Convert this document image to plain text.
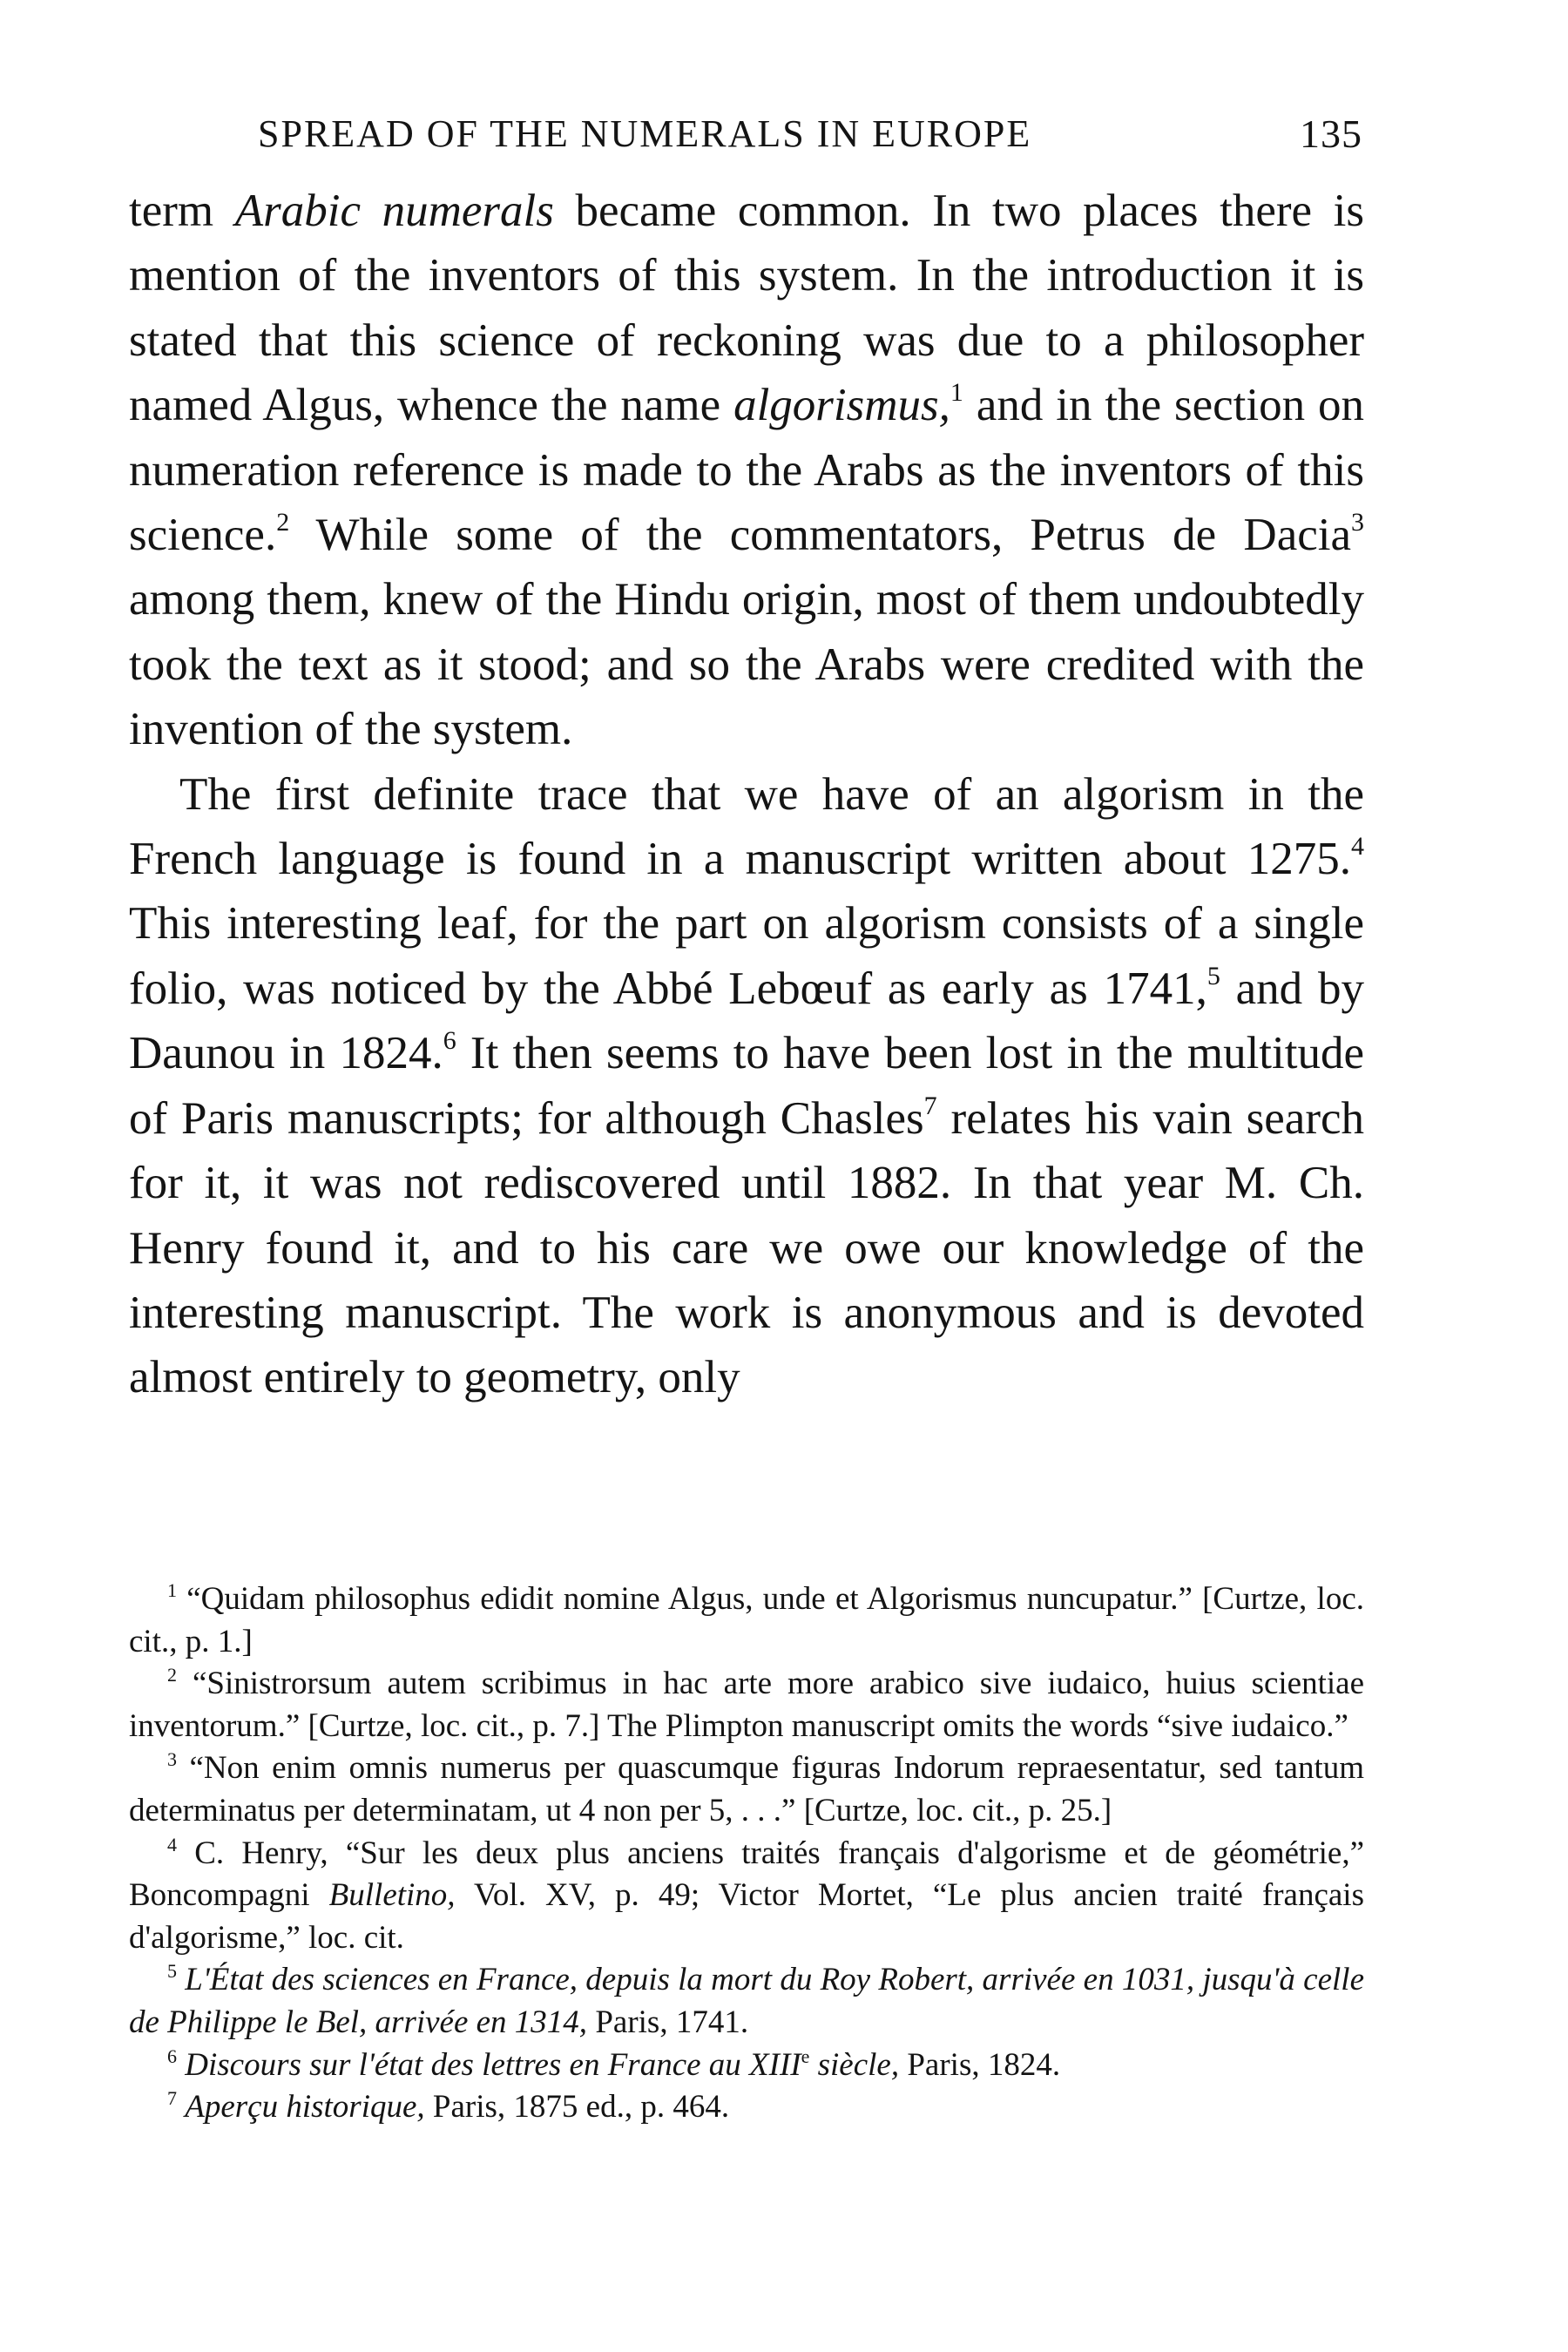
SPREAD OF THE NUMERALS IN EUROPE	135

term Arabic numerals became common. In two places there is mention of the inventors of this system. In the introduction it is stated that this science of reckoning was due to a philosopher named Algus, whence the name algorismus,$^1$ and in the section on numeration reference is made to the Arabs as the inventors of this science.$^2$ While some of the commentators, Petrus de Dacia$^3$ among them, knew of the Hindu origin, most of them undoubtedly took the text as it stood; and so the Arabs were credited with the invention of the system.

The first definite trace that we have of an algorism in the French language is found in a manuscript written about 1275.$^4$ This interesting leaf, for the part on algorism consists of a single folio, was noticed by the Abbé Lebœuf as early as 1741,$^5$ and by Daunou in 1824.$^6$ It then seems to have been lost in the multitude of Paris manuscripts; for although Chasles$^7$ relates his vain search for it, it was not rediscovered until 1882. In that year M. Ch. Henry found it, and to his care we owe our knowledge of the interesting manuscript. The work is anonymous and is devoted almost entirely to geometry, only

$^1$ “Quidam philosophus edidit nomine Algus, unde et Algorismus nuncupatur.” [Curtze, loc. cit., p. 1.]

$^2$ “Sinistrorsum autem scribimus in hac arte more arabico sive iudaico, huius scientiae inventorum.” [Curtze, loc. cit., p. 7.] The Plimpton manuscript omits the words “sive iudaico.”

$^3$ “Non enim omnis numerus per quascumque figuras Indorum repraesentatur, sed tantum determinatus per determinatam, ut 4 non per 5, . . .” [Curtze, loc. cit., p. 25.]

$^4$ C. Henry, “Sur les deux plus anciens traités français d'algorisme et de géométrie,” Boncompagni Bulletino, Vol. XV, p. 49; Victor Mortet, “Le plus ancien traité français d'algorisme,” loc. cit.

$^5$ L'État des sciences en France, depuis la mort du Roy Robert, arrivée en 1031, jusqu'à celle de Philippe le Bel, arrivée en 1314, Paris, 1741.

$^6$ Discours sur l'état des lettres en France au XIIIe siècle, Paris, 1824.

$^7$ Aperçu historique, Paris, 1875 ed., p. 464.
